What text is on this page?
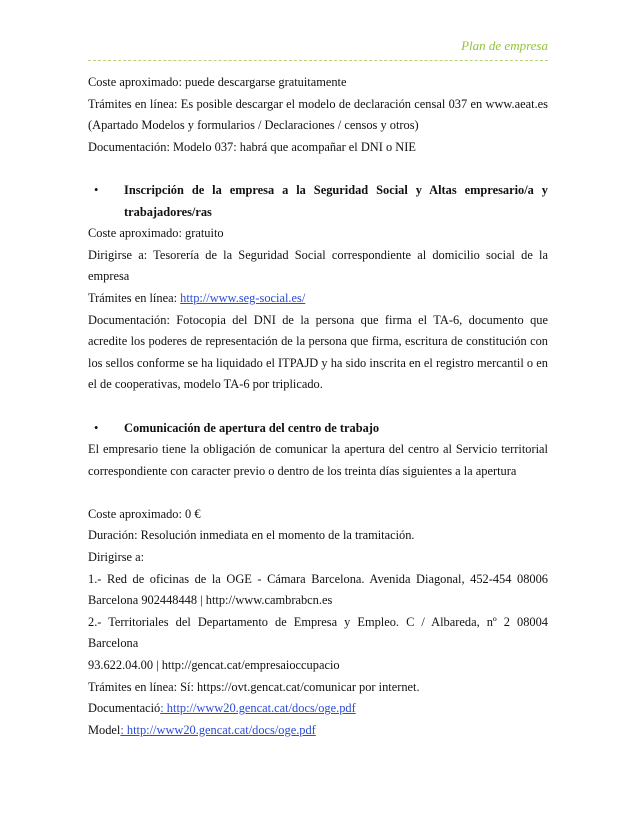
Plan de empresa

Coste aproximado: puede descargarse gratuitamente

Trámites en línea: Es posible descargar el modelo de declaración censal 037 en www.aeat.es (Apartado Modelos y formularios / Declaraciones / censos y otros)

Documentación: Modelo 037: habrá que acompañar el DNI o NIE

•	Inscripción de la empresa a la Seguridad Social y Altas empresario/a y trabajadores/ras

Coste aproximado: gratuito

Dirigirse a: Tesorería de la Seguridad Social correspondiente al domicilio social de la empresa

Trámites en línea: http://www.seg-social.es/

Documentación: Fotocopia del DNI de la persona que firma el TA-6, documento que acredite los poderes de representación de la persona que firma, escritura de constitución con los sellos conforme se ha liquidado el ITPAJD y ha sido inscrita en el registro mercantil o en el de cooperativas, modelo TA-6 por triplicado.

•	Comunicación de apertura del centro de trabajo

El empresario tiene la obligación de comunicar la apertura del centro al Servicio territorial correspondiente con caracter previo o dentro de los treinta días siguientes a la apertura

Coste aproximado: 0 €

Duración: Resolución inmediata en el momento de la tramitación.

Dirigirse a:

1.- Red de oficinas de la OGE - Cámara Barcelona. Avenida Diagonal, 452-454 08006 Barcelona 902448448 | http://www.cambrabcn.es

2.- Territoriales del Departamento de Empresa y Empleo. C / Albareda, nº 2 08004 Barcelona

93.622.04.00 | http://gencat.cat/empresaioccupacio

Trámites en línea: Sí: https://ovt.gencat.cat/comunicar por internet.

Documentació: http://www20.gencat.cat/docs/oge.pdf

Model: http://www20.gencat.cat/docs/oge.pdf
